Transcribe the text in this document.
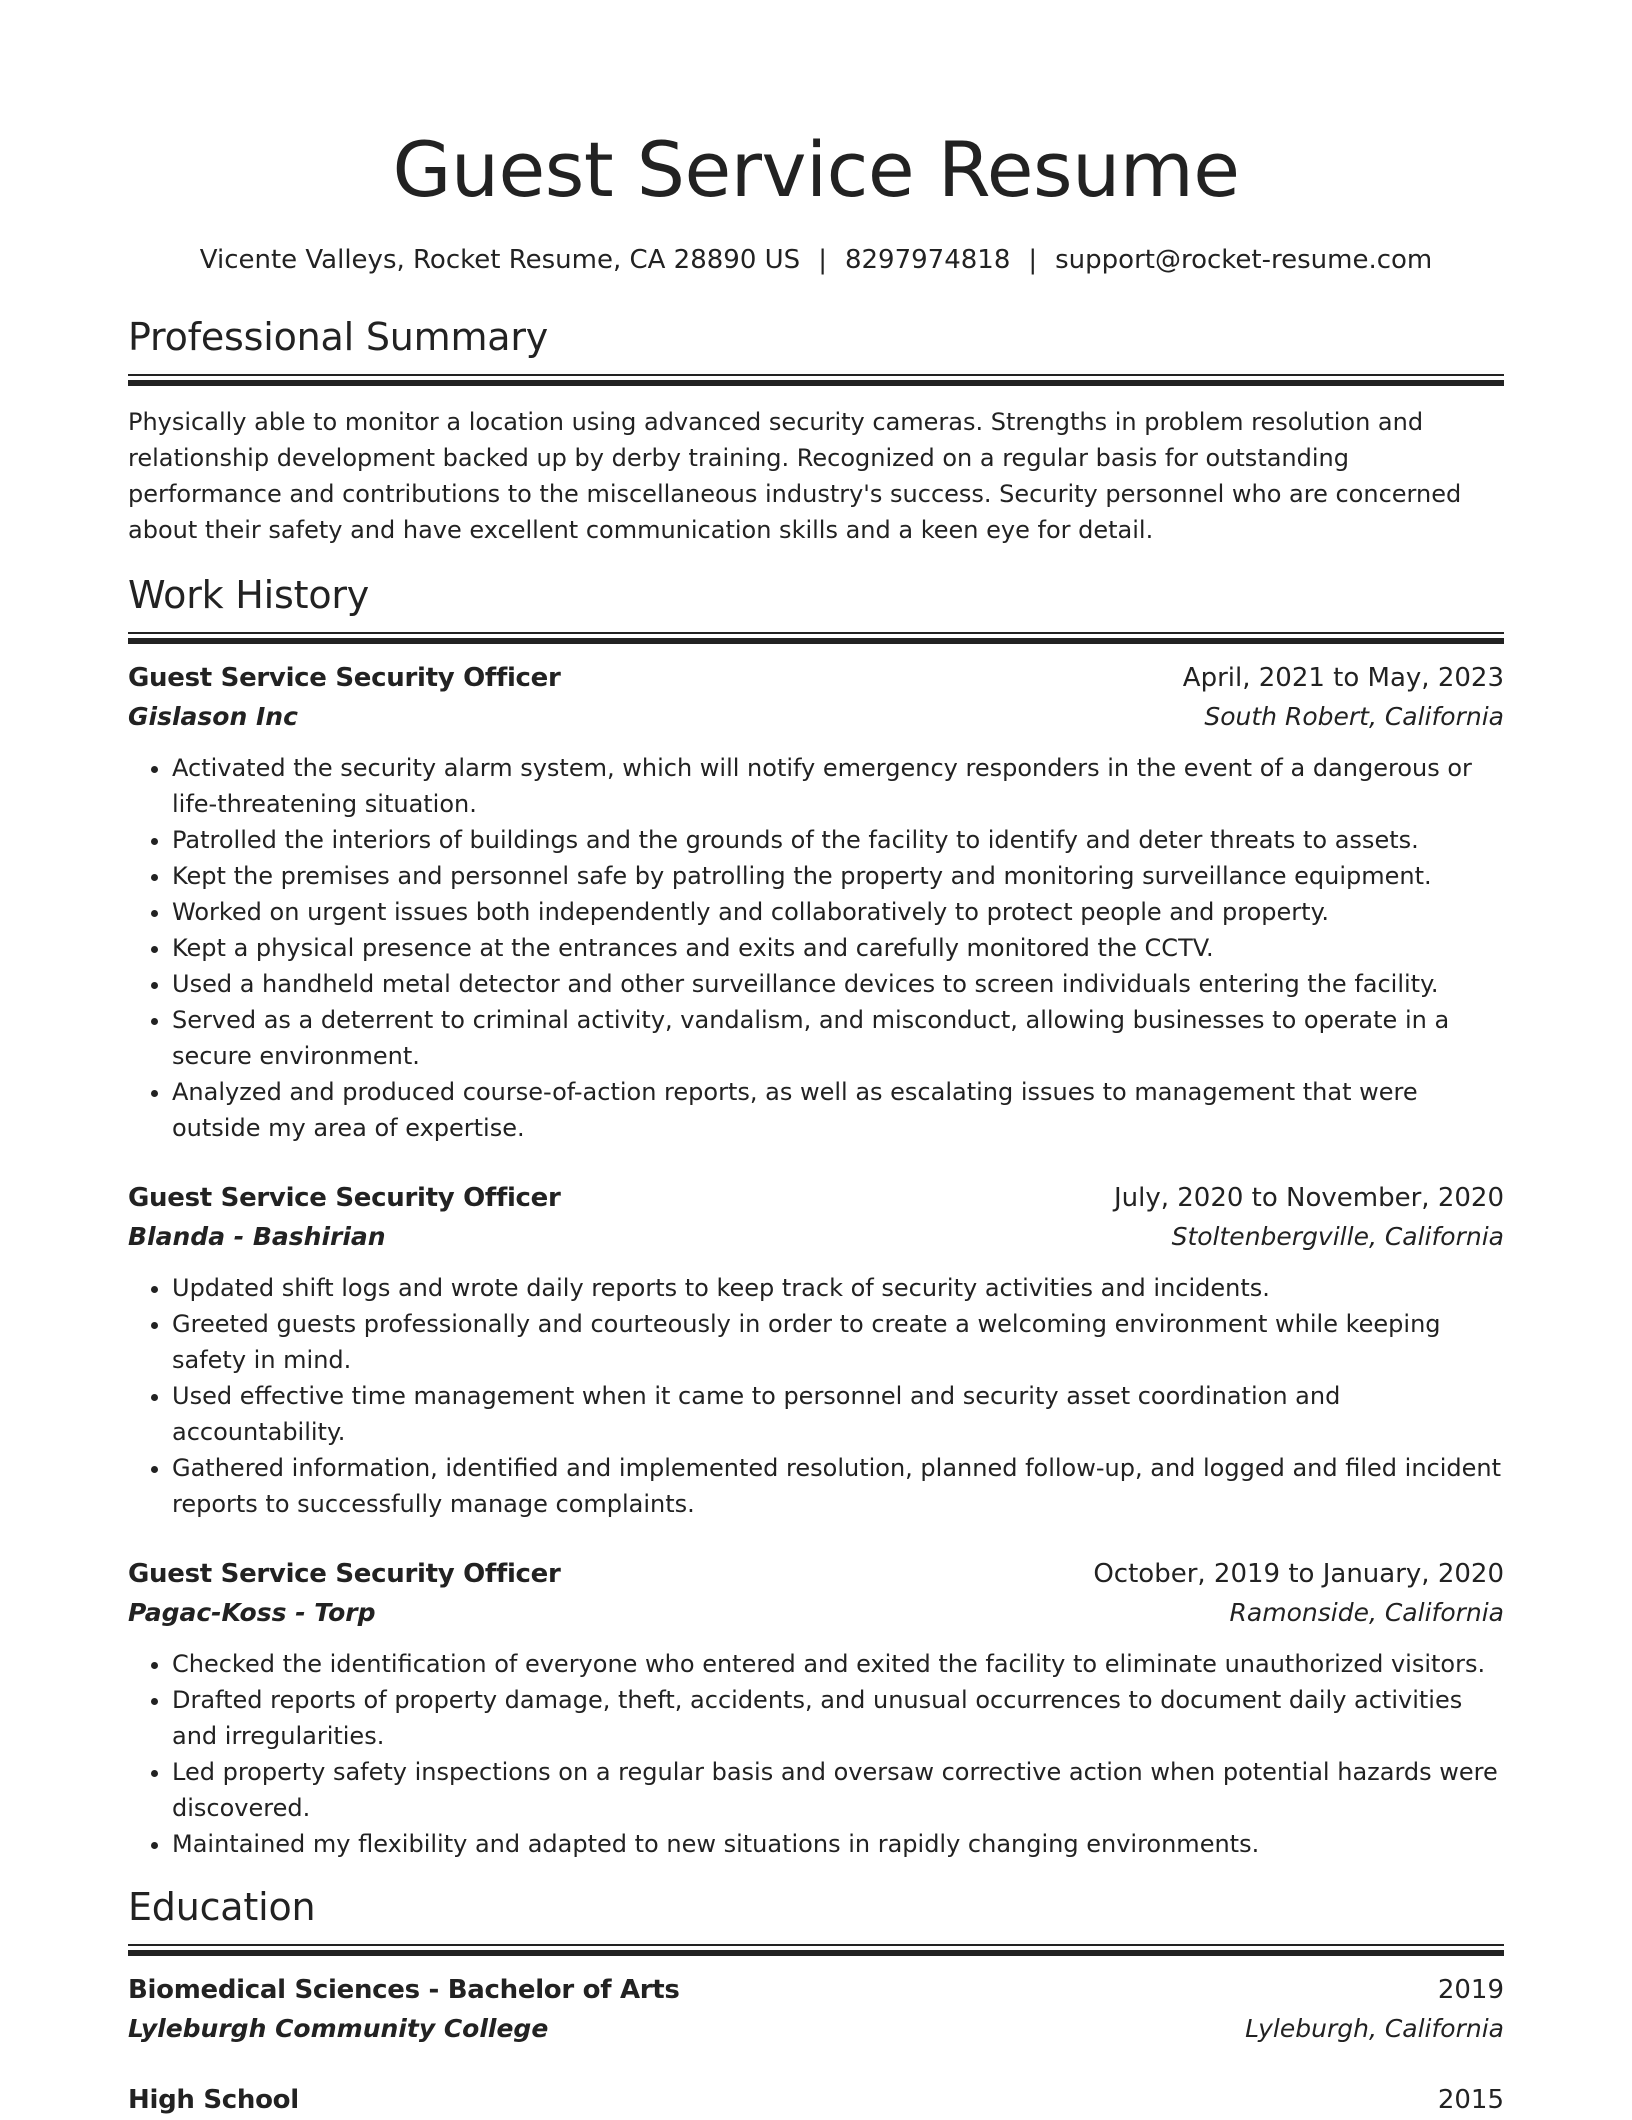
Guest Service Resume
Vicente Valleys, Rocket Resume, CA 28890 US | 8297974818 | support@rocket-resume.com
Professional Summary
Physically able to monitor a location using advanced security cameras. Strengths in problem resolution and relationship development backed up by derby training. Recognized on a regular basis for outstanding performance and contributions to the miscellaneous industry's success. Security personnel who are concerned about their safety and have excellent communication skills and a keen eye for detail.
Work History
Guest Service Security Officer	April, 2021 to May, 2023
Gislason Inc	South Robert, California
• Activated the security alarm system, which will notify emergency responders in the event of a dangerous or life-threatening situation.
• Patrolled the interiors of buildings and the grounds of the facility to identify and deter threats to assets.
• Kept the premises and personnel safe by patrolling the property and monitoring surveillance equipment.
• Worked on urgent issues both independently and collaboratively to protect people and property.
• Kept a physical presence at the entrances and exits and carefully monitored the CCTV.
• Used a handheld metal detector and other surveillance devices to screen individuals entering the facility.
• Served as a deterrent to criminal activity, vandalism, and misconduct, allowing businesses to operate in a secure environment.
• Analyzed and produced course-of-action reports, as well as escalating issues to management that were outside my area of expertise.
Guest Service Security Officer	July, 2020 to November, 2020
Blanda - Bashirian	Stoltenbergville, California
• Updated shift logs and wrote daily reports to keep track of security activities and incidents.
• Greeted guests professionally and courteously in order to create a welcoming environment while keeping safety in mind.
• Used effective time management when it came to personnel and security asset coordination and accountability.
• Gathered information, identified and implemented resolution, planned follow-up, and logged and filed incident reports to successfully manage complaints.
Guest Service Security Officer	October, 2019 to January, 2020
Pagac-Koss - Torp	Ramonside, California
• Checked the identification of everyone who entered and exited the facility to eliminate unauthorized visitors.
• Drafted reports of property damage, theft, accidents, and unusual occurrences to document daily activities and irregularities.
• Led property safety inspections on a regular basis and oversaw corrective action when potential hazards were discovered.
• Maintained my flexibility and adapted to new situations in rapidly changing environments.
Education
Biomedical Sciences - Bachelor of Arts	2019
Lyleburgh Community College	Lyleburgh, California
High School	2015
